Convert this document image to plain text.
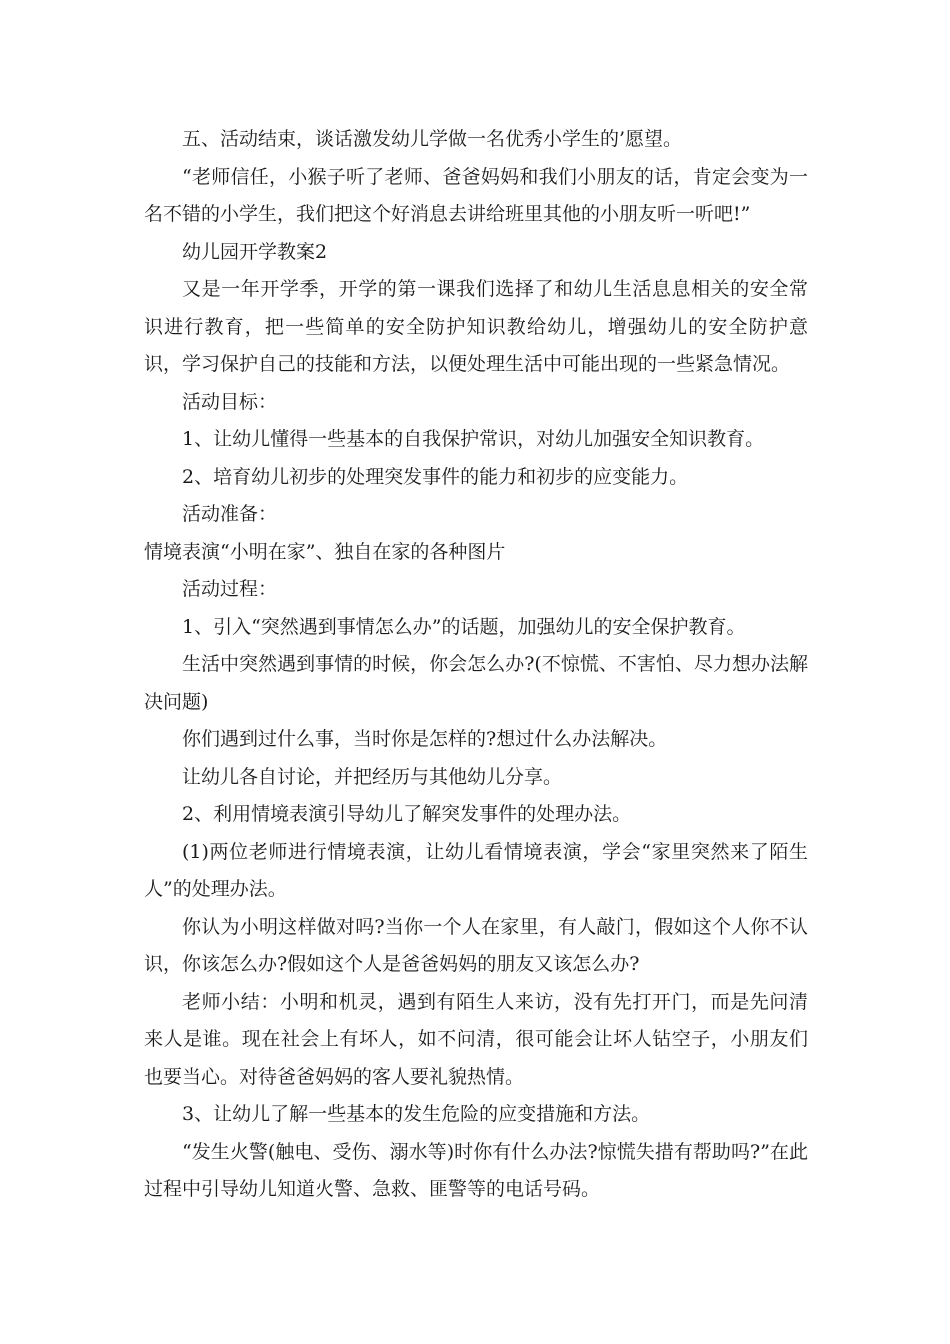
五、活动结束，谈话激发幼儿学做一名优秀小学生的’愿望。

“老师信任，小猴子听了老师、爸爸妈妈和我们小朋友的话，肯定会变为一名不错的小学生，我们把这个好消息去讲给班里其他的小朋友听一听吧!”

幼儿园开学教案2

又是一年开学季，开学的第一课我们选择了和幼儿生活息息相关的安全常识进行教育，把一些简单的安全防护知识教给幼儿，增强幼儿的安全防护意识，学习保护自己的技能和方法，以便处理生活中可能出现的一些紧急情况。

活动目标：

1、让幼儿懂得一些基本的自我保护常识，对幼儿加强安全知识教育。

2、培育幼儿初步的处理突发事件的能力和初步的应变能力。

活动准备：

情境表演“小明在家”、独自在家的各种图片

活动过程：

1、引入“突然遇到事情怎么办”的话题，加强幼儿的安全保护教育。

生活中突然遇到事情的时候，你会怎么办?(不惊慌、不害怕、尽力想办法解决问题)

你们遇到过什么事，当时你是怎样的?想过什么办法解决。

让幼儿各自讨论，并把经历与其他幼儿分享。

2、利用情境表演引导幼儿了解突发事件的处理办法。

(1)两位老师进行情境表演，让幼儿看情境表演，学会“家里突然来了陌生人”的处理办法。

你认为小明这样做对吗?当你一个人在家里，有人敲门，假如这个人你不认识，你该怎么办?假如这个人是爸爸妈妈的朋友又该怎么办?

老师小结：小明和机灵，遇到有陌生人来访，没有先打开门，而是先问清来人是谁。现在社会上有坏人，如不问清，很可能会让坏人钻空子，小朋友们也要当心。对待爸爸妈妈的客人要礼貌热情。

3、让幼儿了解一些基本的发生危险的应变措施和方法。

“发生火警(触电、受伤、溺水等)时你有什么办法?惊慌失措有帮助吗?”在此过程中引导幼儿知道火警、急救、匪警等的电话号码。
